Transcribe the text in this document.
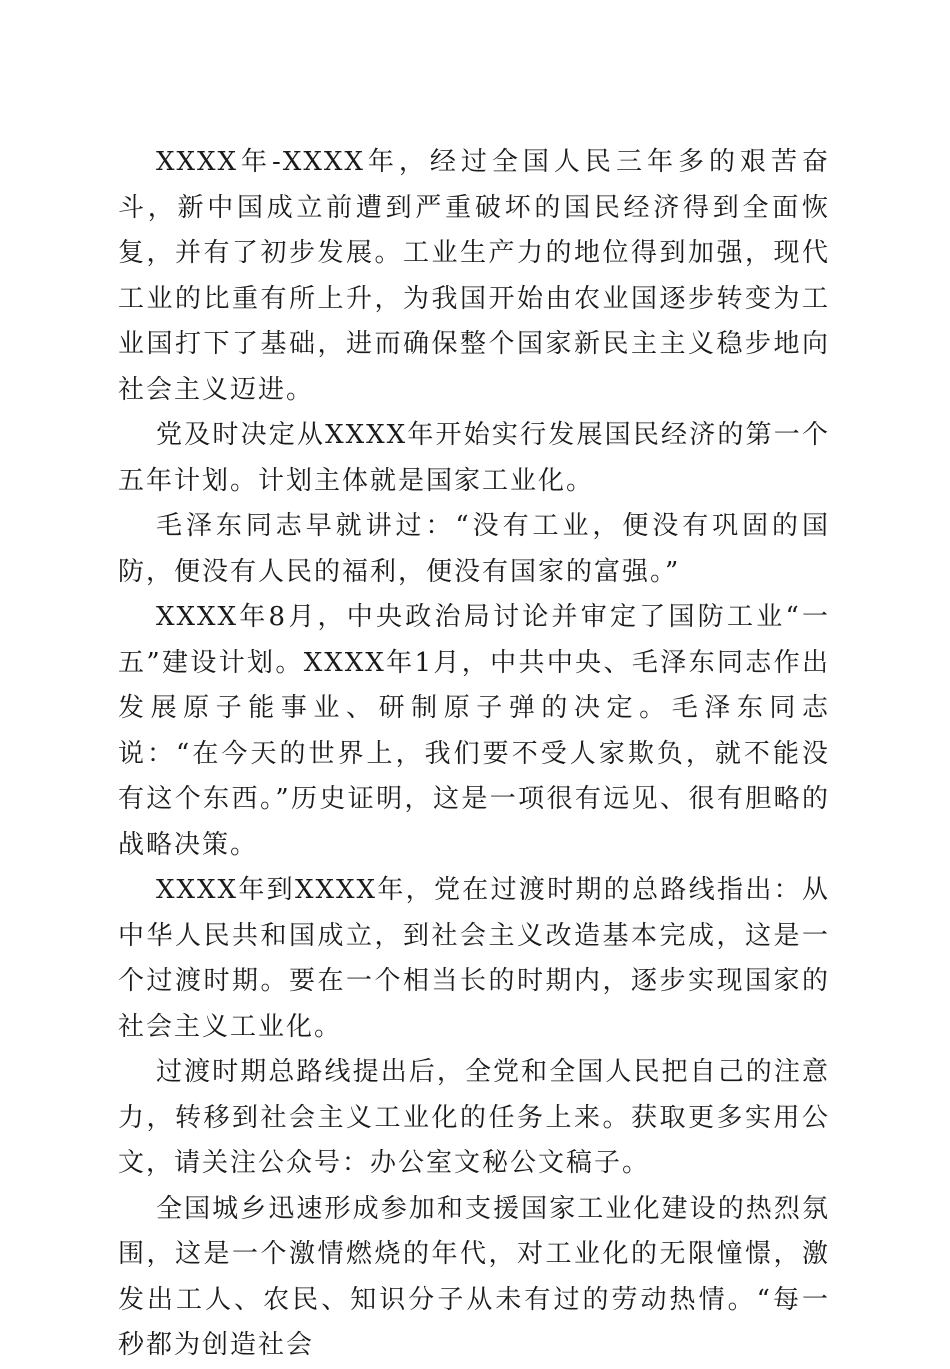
XXXX年-XXXX年，经过全国人民三年多的艰苦奋斗，新中国成立前遭到严重破坏的国民经济得到全面恢复，并有了初步发展。工业生产力的地位得到加强，现代工业的比重有所上升，为我国开始由农业国逐步转变为工业国打下了基础，进而确保整个国家新民主主义稳步地向社会主义迈进。

党及时决定从XXXX年开始实行发展国民经济的第一个五年计划。计划主体就是国家工业化。

毛泽东同志早就讲过：“没有工业，便没有巩固的国防，便没有人民的福利，便没有国家的富强。”

XXXX年8月，中央政治局讨论并审定了国防工业“一五”建设计划。XXXX年1月，中共中央、毛泽东同志作出发展原子能事业、研制原子弹的决定。毛泽东同志说：“在今天的世界上，我们要不受人家欺负，就不能没有这个东西。”历史证明，这是一项很有远见、很有胆略的战略决策。

XXXX年到XXXX年，党在过渡时期的总路线指出：从中华人民共和国成立，到社会主义改造基本完成，这是一个过渡时期。要在一个相当长的时期内，逐步实现国家的社会主义工业化。

过渡时期总路线提出后，全党和全国人民把自己的注意力，转移到社会主义工业化的任务上来。获取更多实用公文，请关注公众号：办公室文秘公文稿子。

全国城乡迅速形成参加和支援国家工业化建设的热烈氛围，这是一个激情燃烧的年代，对工业化的无限憧憬，激发出工人、农民、知识分子从未有过的劳动热情。“每一秒都为创造社会
